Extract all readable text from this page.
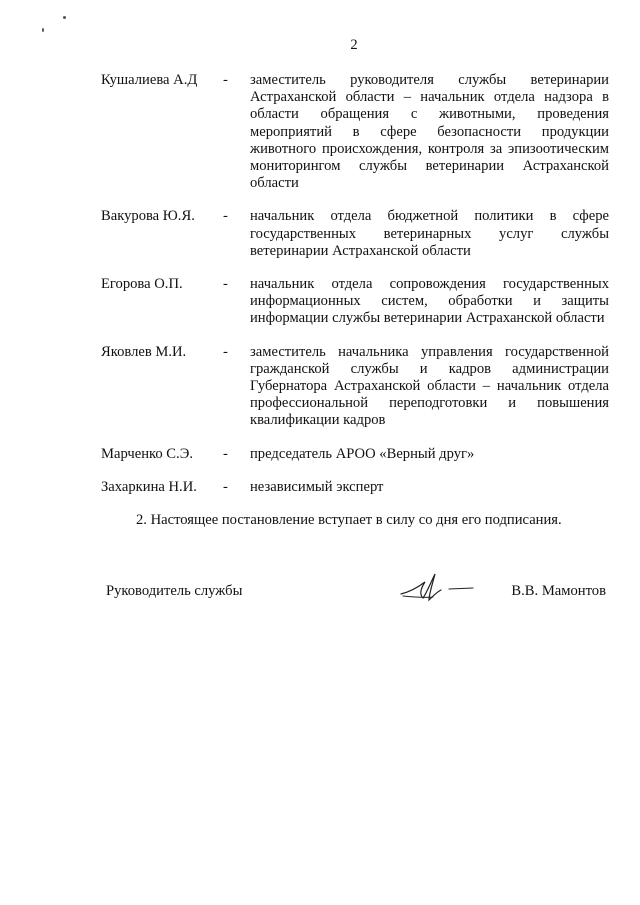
2
Кушалиева А.Д	-	заместитель руководителя службы ветеринарии Астраханской области – начальник отдела надзора в области обращения с животными, проведения мероприятий в сфере безопасности продукции животного происхождения, контроля за эпизоотическим мониторингом службы ветеринарии Астраханской области
Вакурова Ю.Я.	-	начальник отдела бюджетной политики в сфере государственных ветеринарных услуг службы ветеринарии Астраханской области
Егорова О.П.	-	начальник отдела сопровождения государственных информационных систем, обработки и защиты информации службы ветеринарии Астраханской области
Яковлев М.И.	-	заместитель начальника управления государственной гражданской службы и кадров администрации Губернатора Астраханской области – начальник отдела профессиональной переподготовки и повышения квалификации кадров
Марченко С.Э.	-	председатель АРОО «Верный друг»
Захаркина Н.И.	-	независимый эксперт
2. Настоящее постановление вступает в силу со дня его подписания.
Руководитель службы	В.В. Мамонтов
